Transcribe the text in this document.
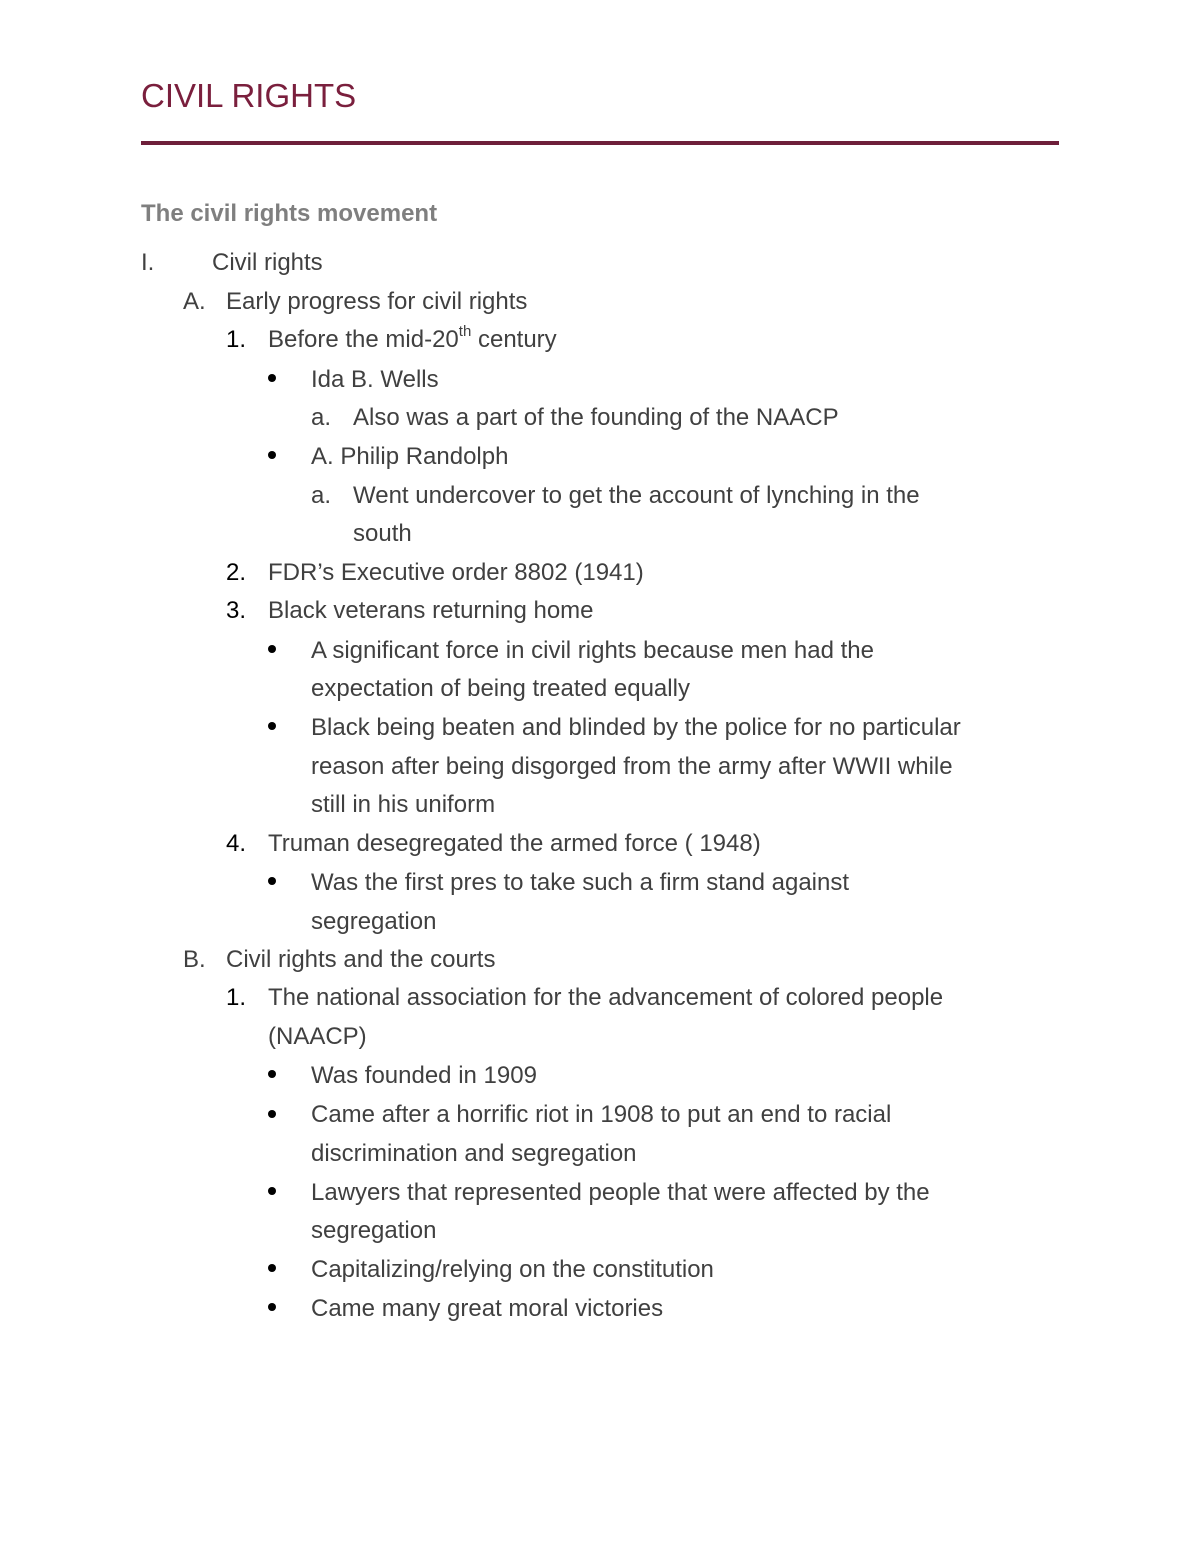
CIVIL RIGHTS
The civil rights movement
I. Civil rights
A. Early progress for civil rights
1. Before the mid-20th century
Ida B. Wells
a. Also was a part of the founding of the NAACP
A. Philip Randolph
a. Went undercover to get the account of lynching in the
south
2. FDR’s Executive order 8802 (1941)
3. Black veterans returning home
A significant force in civil rights because men had the
expectation of being treated equally
Black being beaten and blinded by the police for no particular
reason after being disgorged from the army after WWII while
still in his uniform
4. Truman desegregated the armed force ( 1948)
Was the first pres to take such a firm stand against
segregation
B. Civil rights and the courts
1. The national association for the advancement of colored people
(NAACP)
Was founded in 1909
Came after a horrific riot in 1908 to put an end to racial
discrimination and segregation
Lawyers that represented people that were affected by the
segregation
Capitalizing/relying on the constitution
Came many great moral victories
